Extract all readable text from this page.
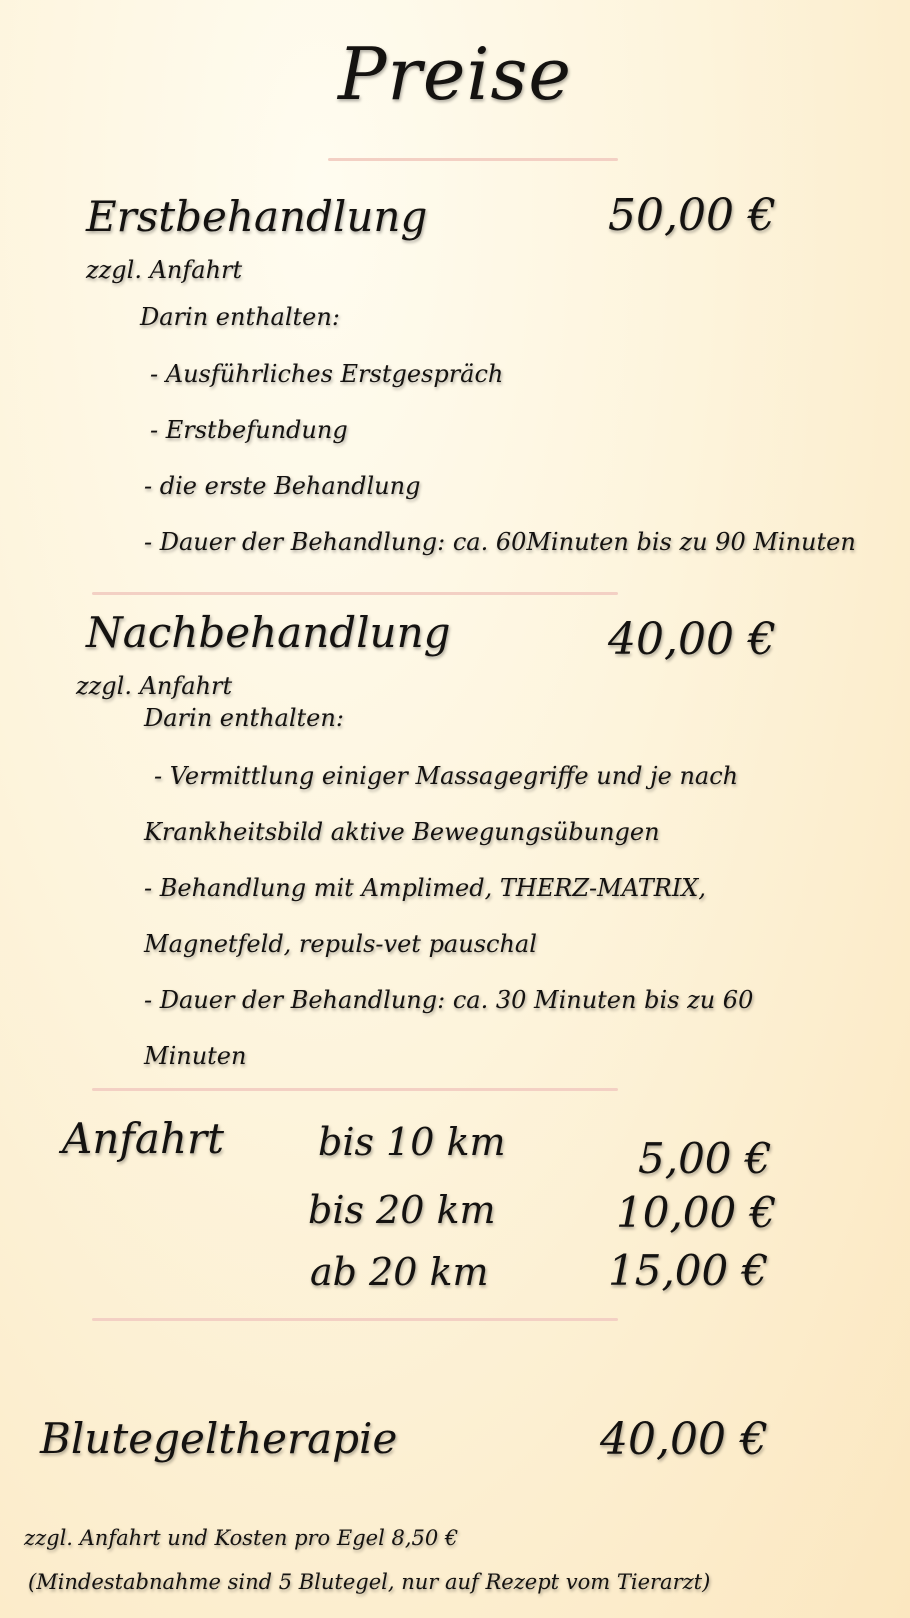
Preise
Erstbehandlung	50,00 €
zzgl. Anfahrt
Darin enthalten:
- Ausführliches Erstgespräch
- Erstbefundung
- die erste Behandlung
- Dauer der Behandlung: ca. 60Minuten bis zu 90 Minuten
Nachbehandlung	40,00 €
zzgl. Anfahrt
Darin enthalten:
- Vermittlung einiger Massagegriffe und je nach
Krankheitsbild aktive Bewegungsübungen
- Behandlung mit Amplimed, THERZ-MATRIX,
Magnetfeld, repuls-vet pauschal
- Dauer der Behandlung: ca. 30 Minuten bis zu 60
Minuten
Anfahrt bis 10 km	5,00 €
bis 20 km	10,00 €
ab 20 km	15,00 €
Blutegeltherapie	40,00 €
zzgl. Anfahrt und Kosten pro Egel 8,50 €
(Mindestabnahme sind 5 Blutegel, nur auf Rezept vom Tierarzt)
